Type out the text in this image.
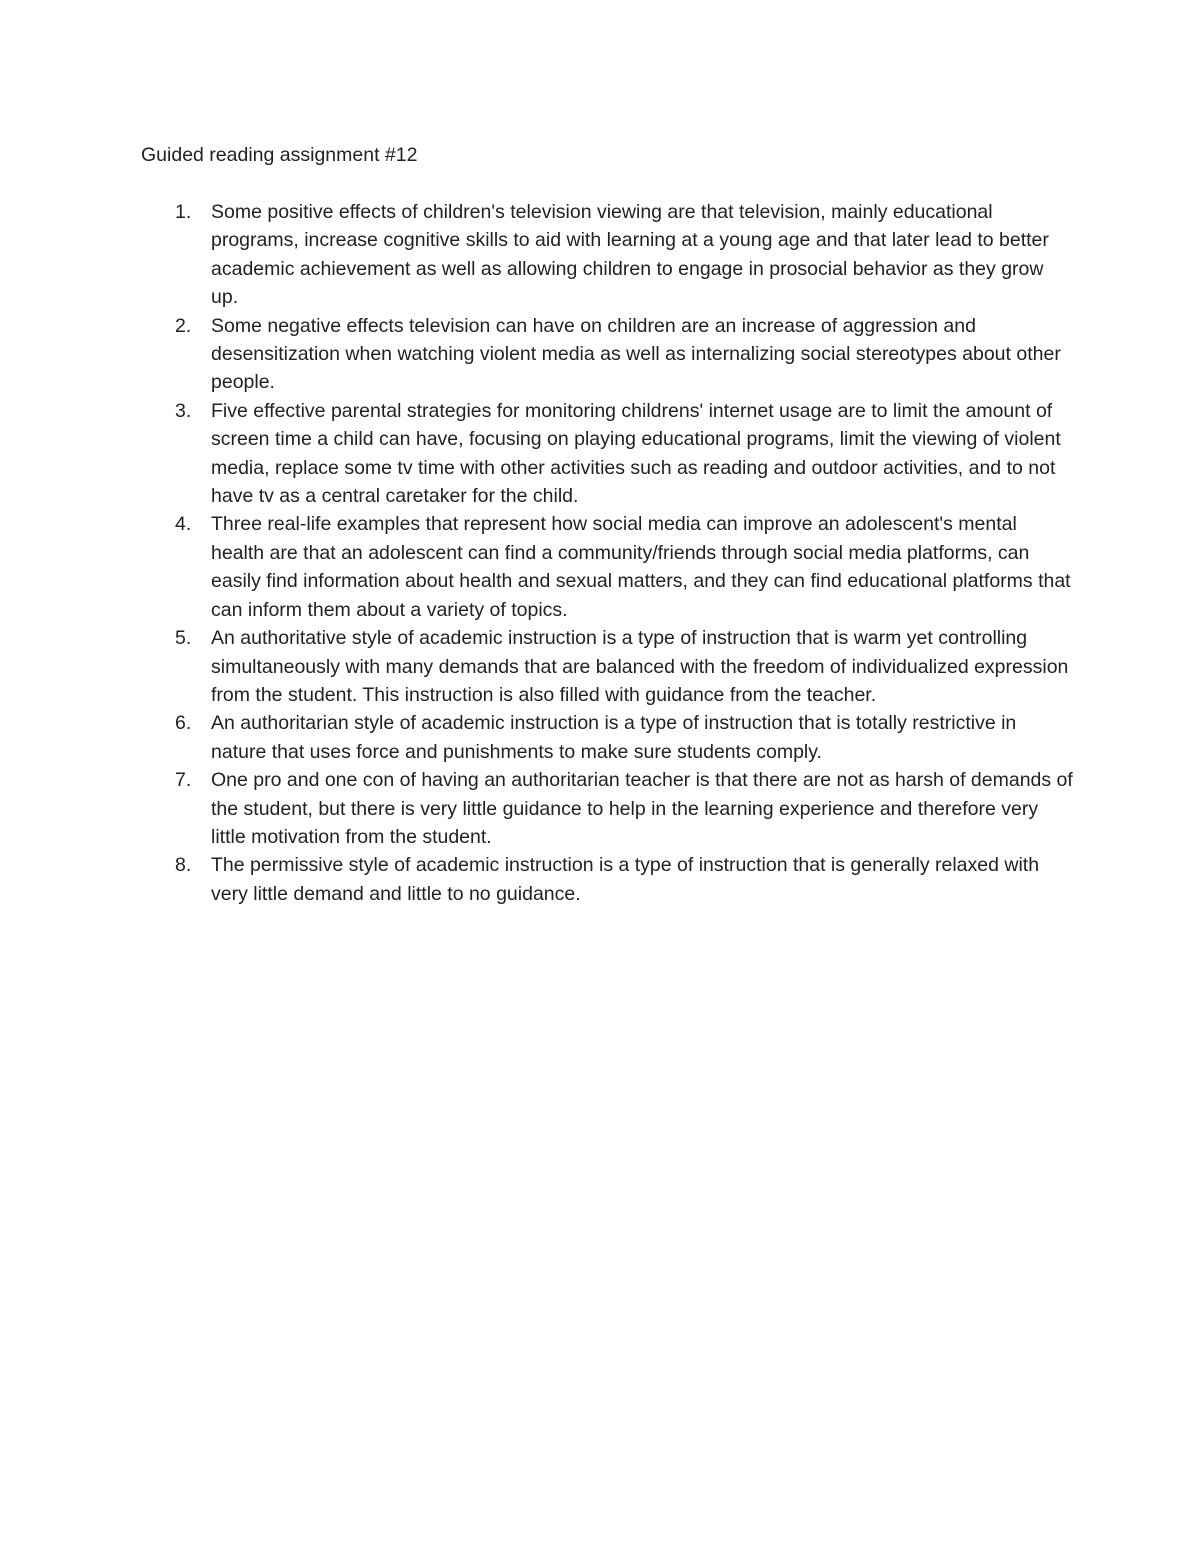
Guided reading assignment #12
1. Some positive effects of children's television viewing are that television, mainly educational programs, increase cognitive skills to aid with learning at a young age and that later lead to better academic achievement as well as allowing children to engage in prosocial behavior as they grow up.
2. Some negative effects television can have on children are an increase of aggression and desensitization when watching violent media as well as internalizing social stereotypes about other people.
3. Five effective parental strategies for monitoring childrens' internet usage are to limit the amount of screen time a child can have, focusing on playing educational programs, limit the viewing of violent media, replace some tv time with other activities such as reading and outdoor activities, and to not have tv as a central caretaker for the child.
4. Three real-life examples that represent how social media can improve an adolescent's mental health are that an adolescent can find a community/friends through social media platforms, can easily find information about health and sexual matters, and they can find educational platforms that can inform them about a variety of topics.
5. An authoritative style of academic instruction is a type of instruction that is warm yet controlling simultaneously with many demands that are balanced with the freedom of individualized expression from the student. This instruction is also filled with guidance from the teacher.
6. An authoritarian style of academic instruction is a type of instruction that is totally restrictive in nature that uses force and punishments to make sure students comply.
7. One pro and one con of having an authoritarian teacher is that there are not as harsh of demands of the student, but there is very little guidance to help in the learning experience and therefore very little motivation from the student.
8. The permissive style of academic instruction is a type of instruction that is generally relaxed with very little demand and little to no guidance.
